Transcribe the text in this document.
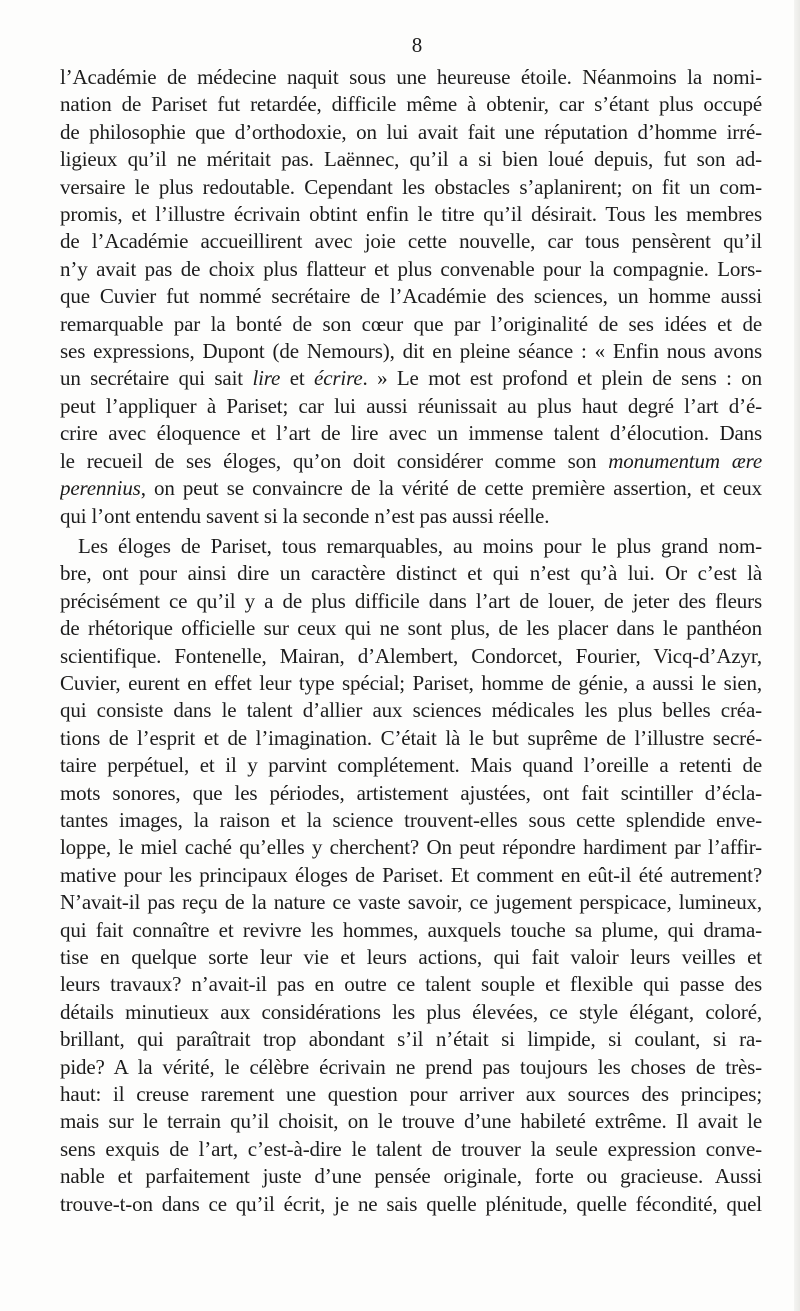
8
l’Académie de médecine naquit sous une heureuse étoile. Néanmoins la nomi-
nation de Pariset fut retardée, difficile même à obtenir, car s’étant plus occupé
de philosophie que d’orthodoxie, on lui avait fait une réputation d’homme irré-
ligieux qu’il ne méritait pas. Laënnec, qu’il a si bien loué depuis, fut son ad-
versaire le plus redoutable. Cependant les obstacles s’aplanirent; on fit un com-
promis, et l’illustre écrivain obtint enfin le titre qu’il désirait. Tous les membres
de l’Académie accueillirent avec joie cette nouvelle, car tous pensèrent qu’il
n’y avait pas de choix plus flatteur et plus convenable pour la compagnie. Lors-
que Cuvier fut nommé secrétaire de l’Académie des sciences, un homme aussi
remarquable par la bonté de son cœur que par l’originalité de ses idées et de
ses expressions, Dupont (de Nemours), dit en pleine séance : « Enfin nous avons
un secrétaire qui sait lire et écrire. » Le mot est profond et plein de sens : on
peut l’appliquer à Pariset; car lui aussi réunissait au plus haut degré l’art d’é-
crire avec éloquence et l’art de lire avec un immense talent d’élocution. Dans
le recueil de ses éloges, qu’on doit considérer comme son monumentum ære
perennius, on peut se convaincre de la vérité de cette première assertion, et ceux
qui l’ont entendu savent si la seconde n’est pas aussi réelle.
Les éloges de Pariset, tous remarquables, au moins pour le plus grand nom-
bre, ont pour ainsi dire un caractère distinct et qui n’est qu’à lui. Or c’est là
précisément ce qu’il y a de plus difficile dans l’art de louer, de jeter des fleurs
de rhétorique officielle sur ceux qui ne sont plus, de les placer dans le panthéon
scientifique. Fontenelle, Mairan, d’Alembert, Condorcet, Fourier, Vicq-d’Azyr,
Cuvier, eurent en effet leur type spécial; Pariset, homme de génie, a aussi le sien,
qui consiste dans le talent d’allier aux sciences médicales les plus belles créa-
tions de l’esprit et de l’imagination. C’était là le but suprême de l’illustre secré-
taire perpétuel, et il y parvint complétement. Mais quand l’oreille a retenti de
mots sonores, que les périodes, artistement ajustées, ont fait scintiller d’écla-
tantes images, la raison et la science trouvent-elles sous cette splendide enve-
loppe, le miel caché qu’elles y cherchent? On peut répondre hardiment par l’affir-
mative pour les principaux éloges de Pariset. Et comment en eût-il été autrement?
N’avait-il pas reçu de la nature ce vaste savoir, ce jugement perspicace, lumineux,
qui fait connaître et revivre les hommes, auxquels touche sa plume, qui drama-
tise en quelque sorte leur vie et leurs actions, qui fait valoir leurs veilles et
leurs travaux? n’avait-il pas en outre ce talent souple et flexible qui passe des
détails minutieux aux considérations les plus élevées, ce style élégant, coloré,
brillant, qui paraîtrait trop abondant s’il n’était si limpide, si coulant, si ra-
pide? A la vérité, le célèbre écrivain ne prend pas toujours les choses de très-
haut: il creuse rarement une question pour arriver aux sources des principes;
mais sur le terrain qu’il choisit, on le trouve d’une habileté extrême. Il avait le
sens exquis de l’art, c’est-à-dire le talent de trouver la seule expression conve-
nable et parfaitement juste d’une pensée originale, forte ou gracieuse. Aussi
trouve-t-on dans ce qu’il écrit, je ne sais quelle plénitude, quelle fécondité, quel
